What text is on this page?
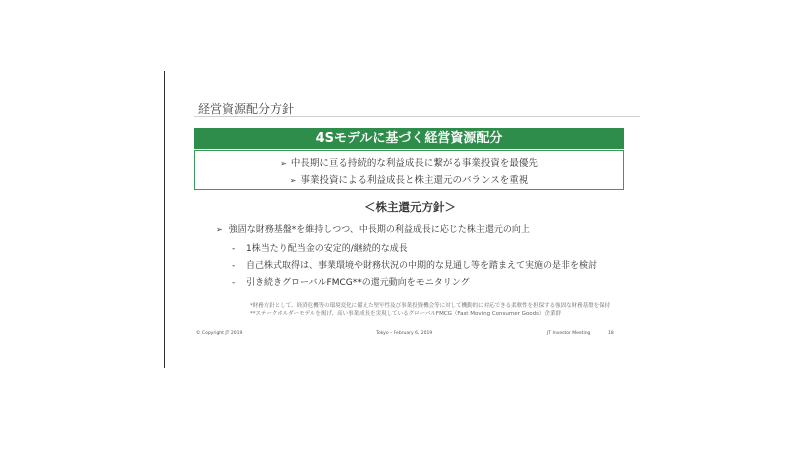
経営資源配分方針
4Sモデルに基づく経営資源配分
➢ 中長期に亘る持続的な利益成長に繋がる事業投資を最優先
➢ 事業投資による利益成長と株主還元のバランスを重視
＜株主還元方針＞
➢ 強固な財務基盤*を維持しつつ、中長期の利益成長に応じた株主還元の向上
- 1株当たり配当金の安定的/継続的な成長
- 自己株式取得は、事業環境や財務状況の中期的な見通し等を踏まえて実施の是非を検討
- 引き続きグローバルFMCG**の還元動向をモニタリング
*財務方針として、経済危機等の環境変化に備えた堅牢性及び事業投資機会等に対して機動的に対応できる柔軟性を担保する強固な財務基盤を保持
**ステークホルダーモデルを掲げ、高い事業成長を実現しているグローバルFMCG（Fast Moving Consumer Goods）企業群
© Copyright JT 2019	Tokyo – February 6, 2019	JT Investor Meeting	18
